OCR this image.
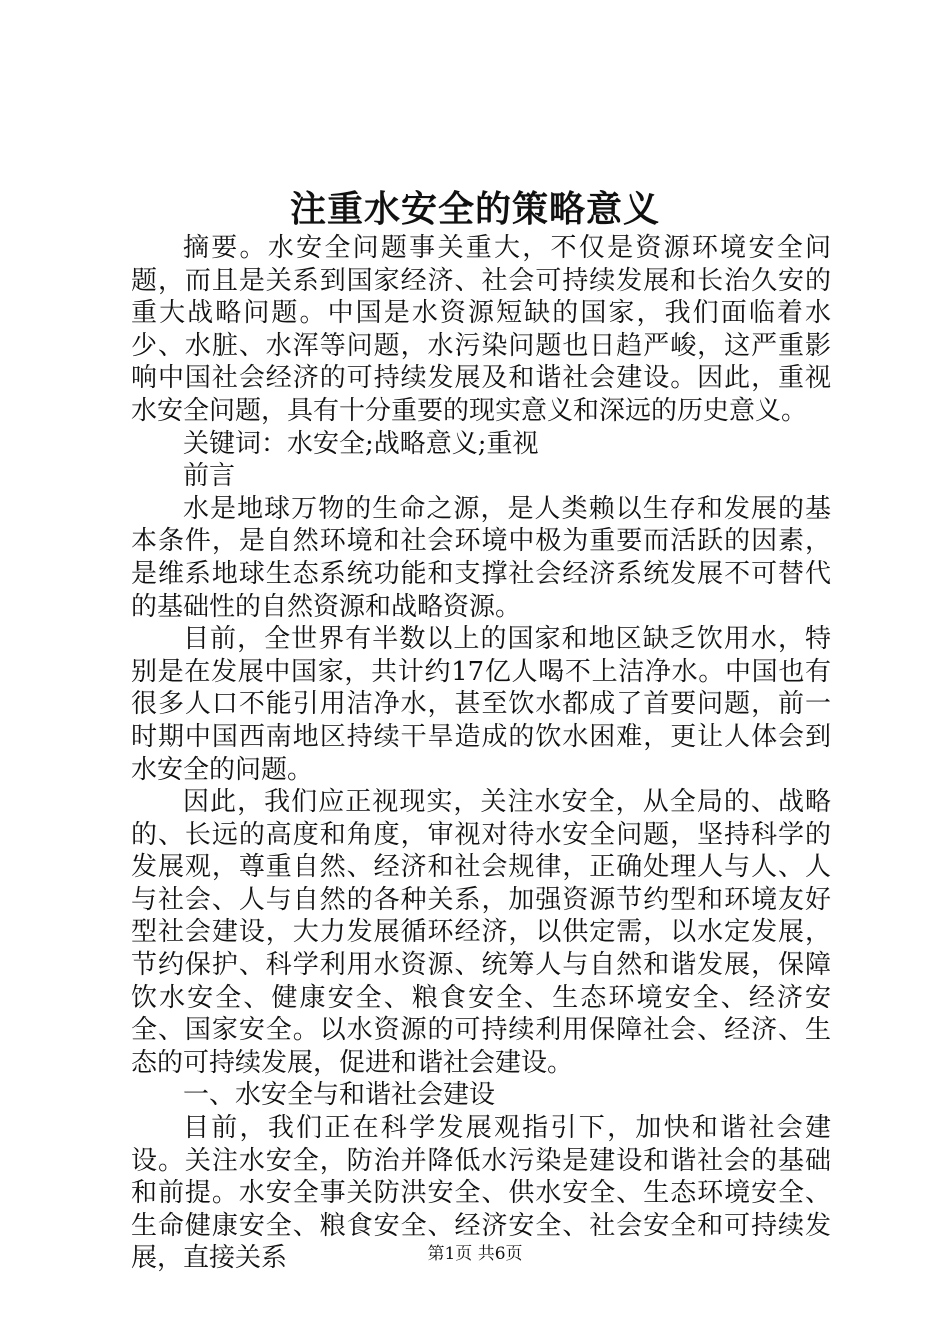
注重水安全的策略意义

摘要。水安全问题事关重大，不仅是资源环境安全问题，而且是关系到国家经济、社会可持续发展和长治久安的重大战略问题。中国是水资源短缺的国家，我们面临着水少、水脏、水浑等问题，水污染问题也日趋严峻，这严重影响中国社会经济的可持续发展及和谐社会建设。因此，重视水安全问题，具有十分重要的现实意义和深远的历史意义。

关键词：水安全;战略意义;重视

前言

水是地球万物的生命之源，是人类赖以生存和发展的基本条件，是自然环境和社会环境中极为重要而活跃的因素，是维系地球生态系统功能和支撑社会经济系统发展不可替代的基础性的自然资源和战略资源。

目前，全世界有半数以上的国家和地区缺乏饮用水，特别是在发展中国家，共计约17亿人喝不上洁净水。中国也有很多人口不能引用洁净水，甚至饮水都成了首要问题，前一时期中国西南地区持续干旱造成的饮水困难，更让人体会到水安全的问题。

因此，我们应正视现实，关注水安全，从全局的、战略的、长远的高度和角度，审视对待水安全问题，坚持科学的发展观，尊重自然、经济和社会规律，正确处理人与人、人与社会、人与自然的各种关系，加强资源节约型和环境友好型社会建设，大力发展循环经济，以供定需，以水定发展，节约保护、科学利用水资源、统筹人与自然和谐发展，保障饮水安全、健康安全、粮食安全、生态环境安全、经济安全、国家安全。以水资源的可持续利用保障社会、经济、生态的可持续发展，促进和谐社会建设。

一、水安全与和谐社会建设

目前，我们正在科学发展观指引下，加快和谐社会建设。关注水安全，防治并降低水污染是建设和谐社会的基础和前提。水安全事关防洪安全、供水安全、生态环境安全、生命健康安全、粮食安全、经济安全、社会安全和可持续发展，直接关系	第1页 共6页
